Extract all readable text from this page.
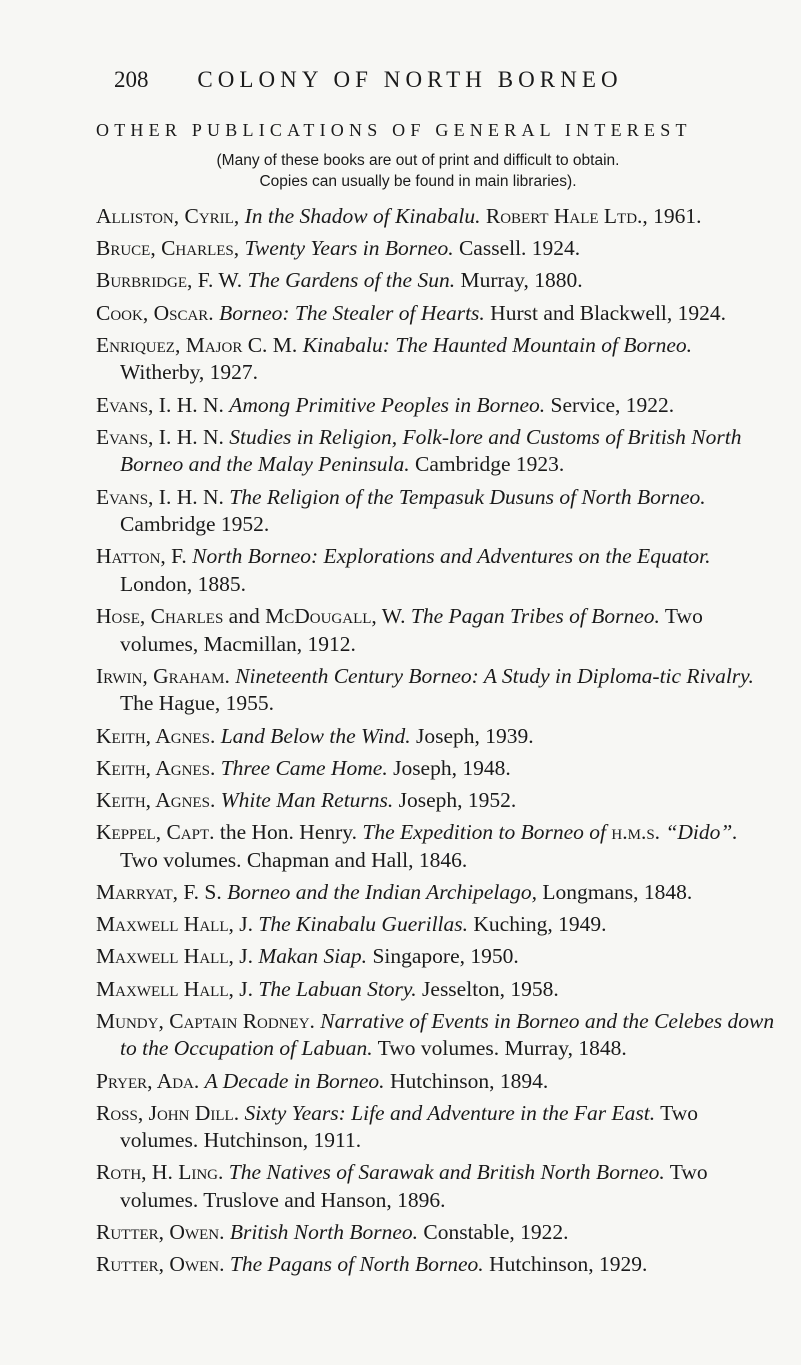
208 COLONY OF NORTH BORNEO
OTHER PUBLICATIONS OF GENERAL INTEREST
(Many of these books are out of print and difficult to obtain.
Copies can usually be found in main libraries).
Alliston, Cyril, In the Shadow of Kinabalu. Robert Hale Ltd., 1961.
Bruce, Charles, Twenty Years in Borneo. Cassell. 1924.
Burbridge, F. W. The Gardens of the Sun. Murray, 1880.
Cook, Oscar. Borneo: The Stealer of Hearts. Hurst and Blackwell, 1924.
Enriquez, Major C. M. Kinabalu: The Haunted Mountain of Borneo. Witherby, 1927.
Evans, I. H. N. Among Primitive Peoples in Borneo. Service, 1922.
Evans, I. H. N. Studies in Religion, Folk-lore and Customs of British North Borneo and the Malay Peninsula. Cambridge 1923.
Evans, I. H. N. The Religion of the Tempasuk Dusuns of North Borneo. Cambridge 1952.
Hatton, F. North Borneo: Explorations and Adventures on the Equator. London, 1885.
Hose, Charles and McDougall, W. The Pagan Tribes of Borneo. Two volumes, Macmillan, 1912.
Irwin, Graham. Nineteenth Century Borneo: A Study in Diploma-tic Rivalry. The Hague, 1955.
Keith, Agnes. Land Below the Wind. Joseph, 1939.
Keith, Agnes. Three Came Home. Joseph, 1948.
Keith, Agnes. White Man Returns. Joseph, 1952.
Keppel, Capt. the Hon. Henry. The Expedition to Borneo of h.m.s. “Dido”. Two volumes. Chapman and Hall, 1846.
Marryat, F. S. Borneo and the Indian Archipelago, Longmans, 1848.
Maxwell Hall, J. The Kinabalu Guerillas. Kuching, 1949.
Maxwell Hall, J. Makan Siap. Singapore, 1950.
Maxwell Hall, J. The Labuan Story. Jesselton, 1958.
Mundy, Captain Rodney. Narrative of Events in Borneo and the Celebes down to the Occupation of Labuan. Two volumes. Murray, 1848.
Pryer, Ada. A Decade in Borneo. Hutchinson, 1894.
Ross, John Dill. Sixty Years: Life and Adventure in the Far East. Two volumes. Hutchinson, 1911.
Roth, H. Ling. The Natives of Sarawak and British North Borneo. Two volumes. Truslove and Hanson, 1896.
Rutter, Owen. British North Borneo. Constable, 1922.
Rutter, Owen. The Pagans of North Borneo. Hutchinson, 1929.
